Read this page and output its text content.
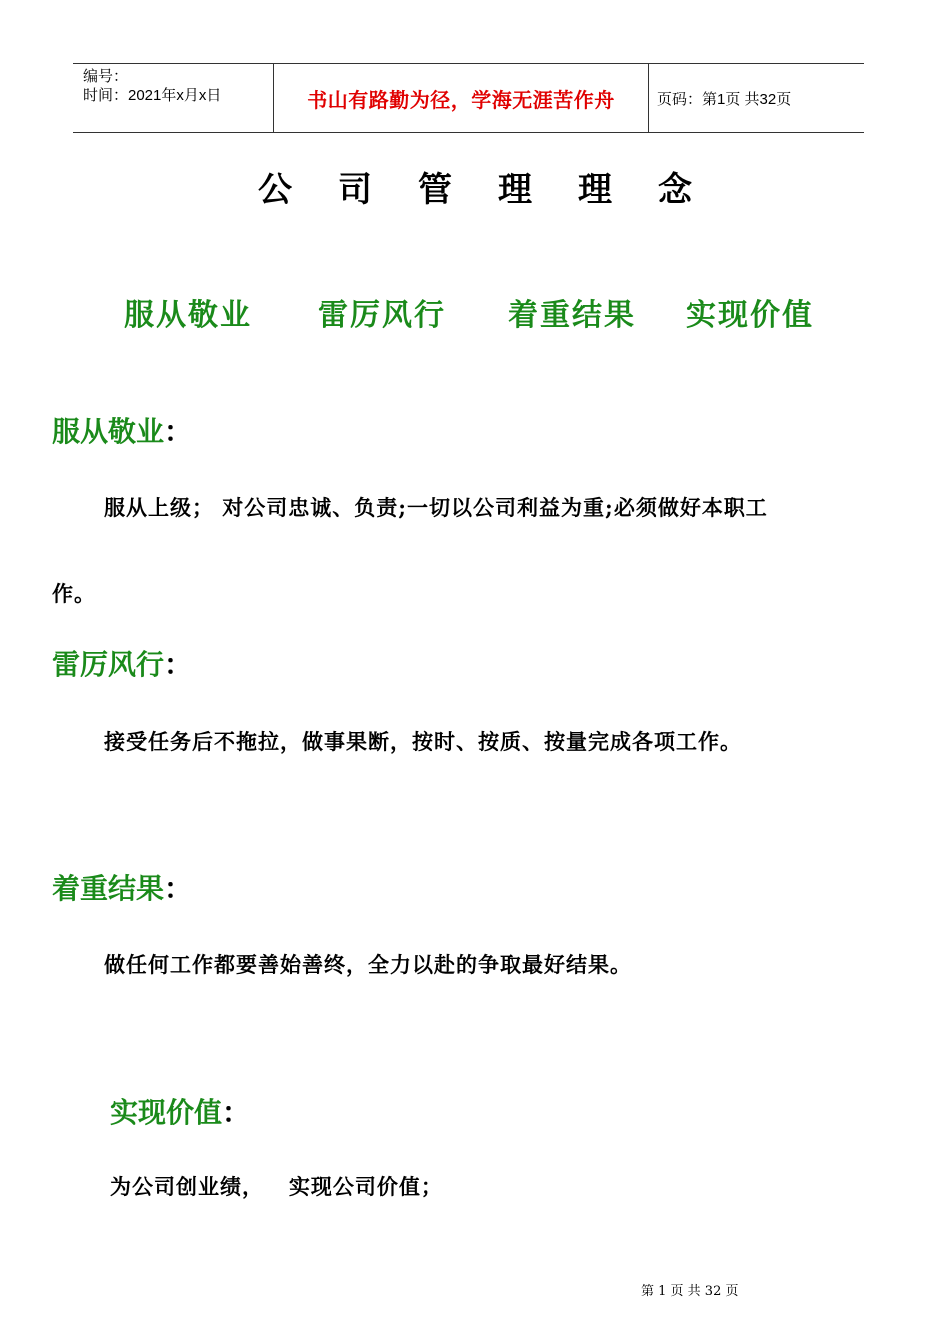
编号：
时间：2021年x月x日	书山有路勤为径，学海无涯苦作舟	页码：第1页 共32页
公司管理理念
服从敬业 雷厉风行 着重结果 实现价值
服从敬业：
服从上级； 对公司忠诚、负责;一切以公司利益为重;必须做好本职工
作。
雷厉风行：
接受任务后不拖拉，做事果断，按时、按质、按量完成各项工作。
着重结果：
做任何工作都要善始善终，全力以赴的争取最好结果。
实现价值：
为公司创业绩，   实现公司价值；
第 1 页 共 32 页
